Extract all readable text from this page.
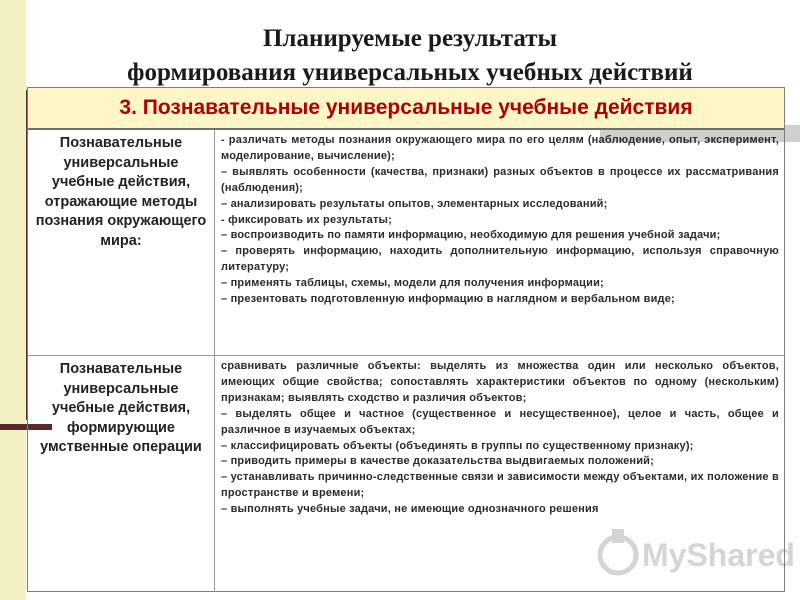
Планируемые результаты
формирования универсальных учебных действий
3. Познавательные универсальные учебные действия
Познавательные универсальные учебные действия, отражающие методы познания окружающего мира:
- различать методы познания окружающего мира по его целям (наблюдение, опыт, эксперимент, моделирование, вычисление);
– выявлять особенности (качества, признаки) разных объектов в процессе их рассматривания (наблюдения);
– анализировать результаты опытов, элементарных исследований;
- фиксировать их результаты;
– воспроизводить по памяти информацию, необходимую для решения учебной задачи;
– проверять информацию, находить дополнительную информацию, используя справочную литературу;
– применять таблицы, схемы, модели для получения информации;
– презентовать подготовленную информацию в наглядном и вербальном виде;
Познавательные универсальные учебные действия, формирующие умственные операции
сравнивать различные объекты: выделять из множества один или несколько объектов, имеющих общие свойства; сопоставлять характеристики объектов по одному (нескольким) признакам; выявлять сходство и различия объектов;
– выделять общее и частное (существенное и несущественное), целое и часть, общее и различное в изучаемых объектах;
– классифицировать объекты (объединять в группы по существенному признаку);
– приводить примеры в качестве доказательства выдвигаемых положений;
– устанавливать причинно-следственные связи и зависимости между объектами, их положение в пространстве и времени;
– выполнять учебные задачи, не имеющие однозначного решения
MyShared
